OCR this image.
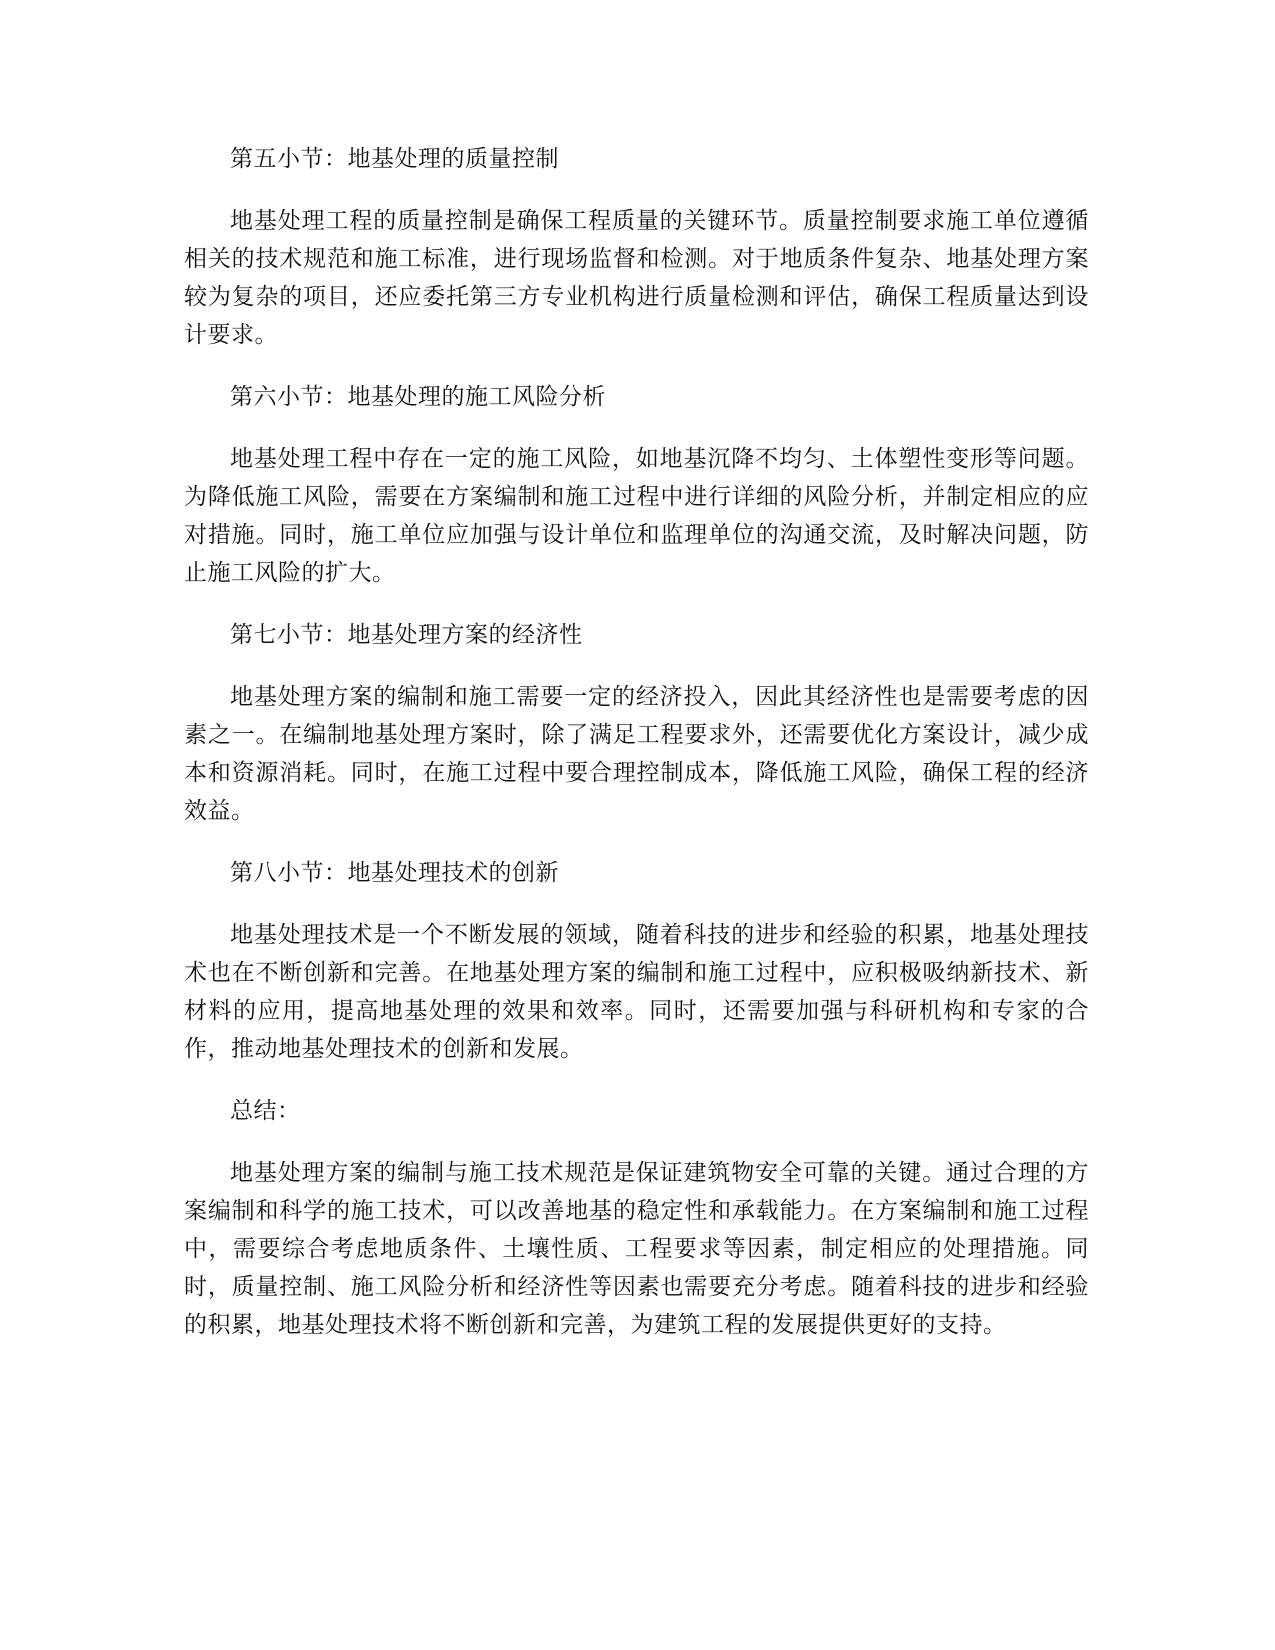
第五小节：地基处理的质量控制

地基处理工程的质量控制是确保工程质量的关键环节。质量控制要求施工单位遵循相关的技术规范和施工标准，进行现场监督和检测。对于地质条件复杂、地基处理方案较为复杂的项目，还应委托第三方专业机构进行质量检测和评估，确保工程质量达到设计要求。

第六小节：地基处理的施工风险分析

地基处理工程中存在一定的施工风险，如地基沉降不均匀、土体塑性变形等问题。为降低施工风险，需要在方案编制和施工过程中进行详细的风险分析，并制定相应的应对措施。同时，施工单位应加强与设计单位和监理单位的沟通交流，及时解决问题，防止施工风险的扩大。

第七小节：地基处理方案的经济性

地基处理方案的编制和施工需要一定的经济投入，因此其经济性也是需要考虑的因素之一。在编制地基处理方案时，除了满足工程要求外，还需要优化方案设计，减少成本和资源消耗。同时，在施工过程中要合理控制成本，降低施工风险，确保工程的经济效益。

第八小节：地基处理技术的创新

地基处理技术是一个不断发展的领域，随着科技的进步和经验的积累，地基处理技术也在不断创新和完善。在地基处理方案的编制和施工过程中，应积极吸纳新技术、新材料的应用，提高地基处理的效果和效率。同时，还需要加强与科研机构和专家的合作，推动地基处理技术的创新和发展。

总结：

地基处理方案的编制与施工技术规范是保证建筑物安全可靠的关键。通过合理的方案编制和科学的施工技术，可以改善地基的稳定性和承载能力。在方案编制和施工过程中，需要综合考虑地质条件、土壤性质、工程要求等因素，制定相应的处理措施。同时，质量控制、施工风险分析和经济性等因素也需要充分考虑。随着科技的进步和经验的积累，地基处理技术将不断创新和完善，为建筑工程的发展提供更好的支持。
